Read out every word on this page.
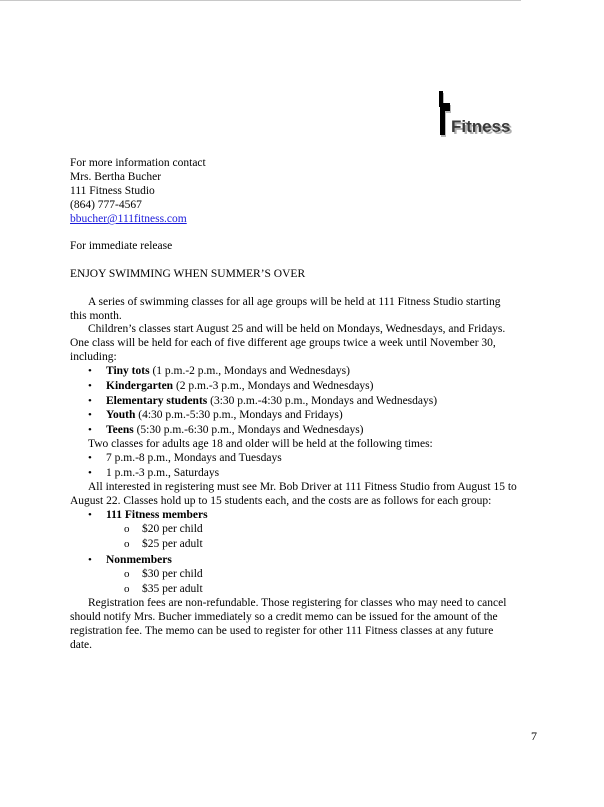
Fitness
For more information contact
Mrs. Bertha Bucher
111 Fitness Studio
(864) 777-4567
bbucher@111fitness.com
For immediate release
ENJOY SWIMMING WHEN SUMMER’S OVER
A series of swimming classes for all age groups will be held at 111 Fitness Studio starting
this month.
Children’s classes start August 25 and will be held on Mondays, Wednesdays, and Fridays.
One class will be held for each of five different age groups twice a week until November 30,
including:
• Tiny tots (1 p.m.-2 p.m., Mondays and Wednesdays)
• Kindergarten (2 p.m.-3 p.m., Mondays and Wednesdays)
• Elementary students (3:30 p.m.-4:30 p.m., Mondays and Wednesdays)
• Youth (4:30 p.m.-5:30 p.m., Mondays and Fridays)
• Teens (5:30 p.m.-6:30 p.m., Mondays and Wednesdays)
Two classes for adults age 18 and older will be held at the following times:
• 7 p.m.-8 p.m., Mondays and Tuesdays
• 1 p.m.-3 p.m., Saturdays
All interested in registering must see Mr. Bob Driver at 111 Fitness Studio from August 15 to
August 22. Classes hold up to 15 students each, and the costs are as follows for each group:
• 111 Fitness members
o $20 per child
o $25 per adult
• Nonmembers
o $30 per child
o $35 per adult
Registration fees are non-refundable. Those registering for classes who may need to cancel
should notify Mrs. Bucher immediately so a credit memo can be issued for the amount of the
registration fee. The memo can be used to register for other 111 Fitness classes at any future
date.
7
